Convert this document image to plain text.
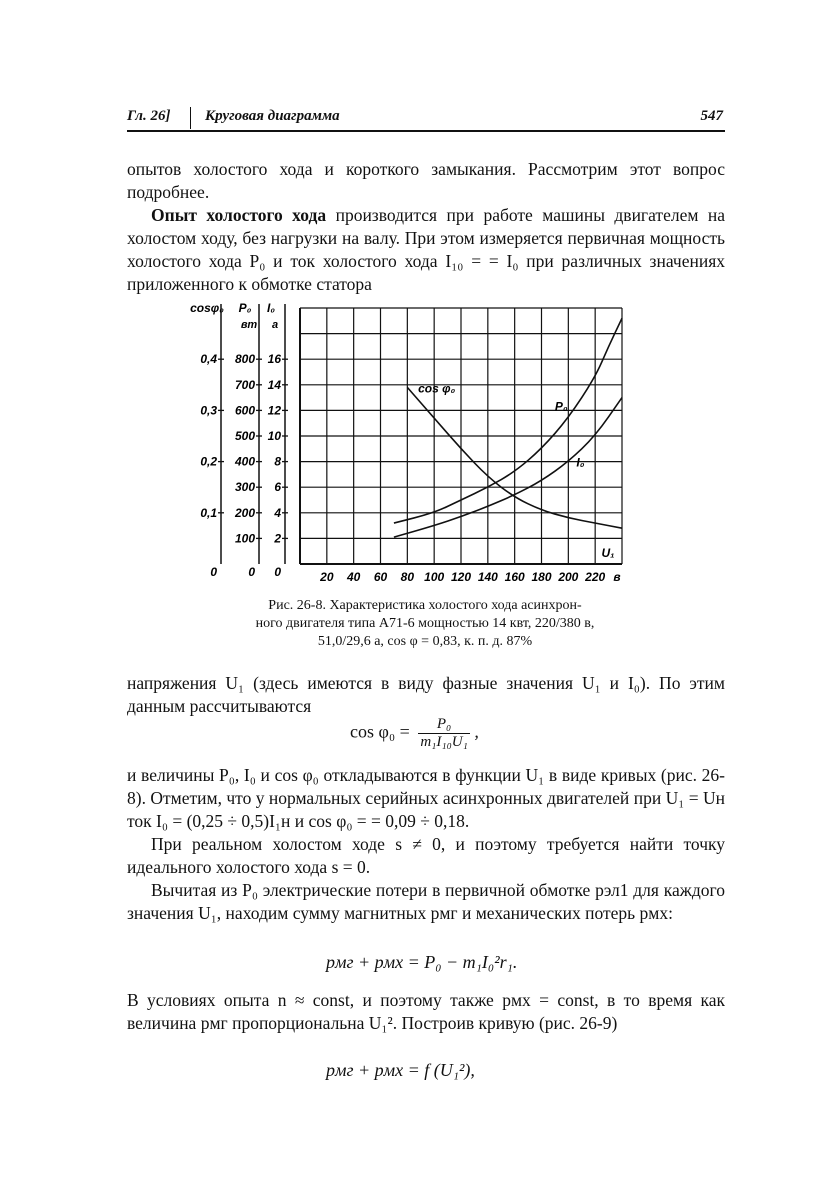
Гл. 26] Круговая диаграмма	547

опытов холостого хода и короткого замыкания. Рассмотрим этот вопрос подробнее.

Опыт холостого хода производится при работе машины двигателем на холостом ходу, без нагрузки на валу. При этом измеряется первичная мощность холостого хода P₀ и ток холостого хода I₁₀ = = I₀ при различных значениях приложенного к обмотке статора

20 40 60 80 100 120 140 160 180 200 220 в
U₁
cosφ₀
0
0,1
0,2
0,3
0,4
P₀
вт
0
100
200
300
400
500
600
700
800
I₀
а
0
2
4
6
8
10
12
14
16
cos φ₀
P₀
I₀
Рис. 26-8. Характеристика холостого хода асинхрон-
ного двигателя типа А71-6 мощностью 14 квт, 220/380 в,
51,0/29,6 а, cos φ = 0,83, к. п. д. 87%
напряжения U₁ (здесь имеются в виду фазные значения U₁ и I₀). По этим данным рассчитываются
$\cos \varphi_0 = \frac{\text{P₀}}{\text{m₁I₁₀U₁}}$ ,

и величины P₀, I₀ и cos φ₀ откладываются в функции U₁ в виде кривых (рис. 26-8). Отметим, что у нормальных серийных асинхронных двигателей при U₁ = Uн ток I₀ = (0,25 ÷ 0,5)I₁н и cos φ₀ = = 0,09 ÷ 0,18.

При реальном холостом ходе s ≠ 0, и поэтому требуется найти точку идеального холостого хода s = 0.

Вычитая из P₀ электрические потери в первичной обмотке pэл1 для каждого значения U₁, находим сумму магнитных pмг и механических потерь pмх:

pмг + pмх = P₀ − m₁I₀²r₁.
В условиях опыта n ≈ const, и поэтому также pмх = const, в то время как величина pмг пропорциональна U₁². Построив кривую (рис. 26-9)
pмг + pмх = f (U₁²),
